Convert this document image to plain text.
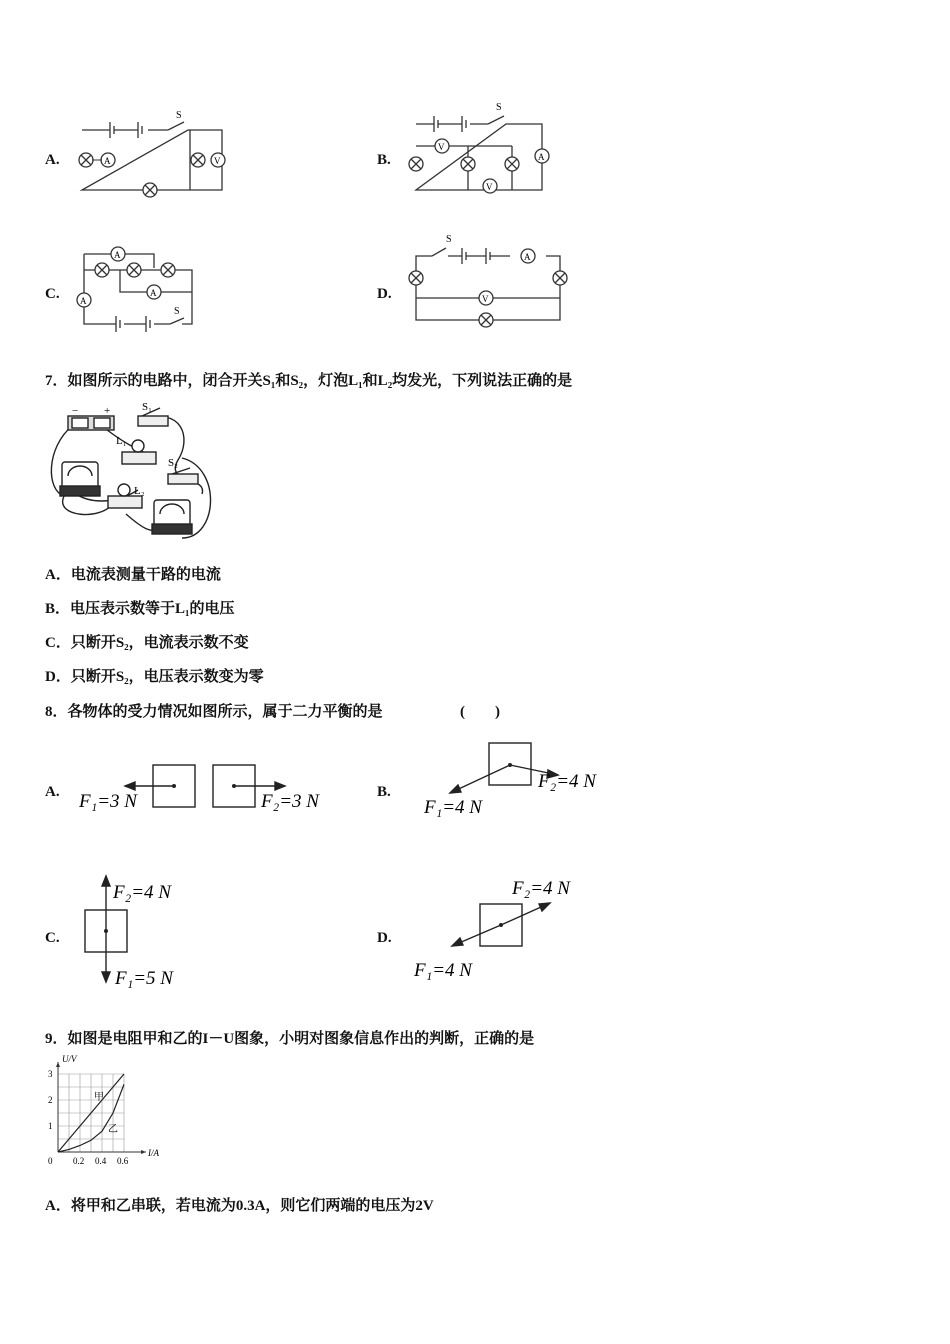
A.	A	V
S
B.
V
V
A
S
C.
A
A
A
S
D.
A
V
S
7．如图所示的电路中，闭合开关S₁和S₂，灯泡L₁和L₂均发光，下列说法正确的是
− +	S₁
L₁
S₂
L₂
A．电流表测量干路的电流
B．电压表示数等于L₁的电压
C．只断开S₂，电流表示数不变
D．只断开S₂，电压表示数变为零
8．各物体的受力情况如图所示，属于二力平衡的是	(　　)
A. F₁=3 N	F₂=3 N	B.	F₂=4 N
F₁=4 N
C.
F₂=4 N
F₁=5 N
D.
F₂=4 N
F₁=4 N
9．如图是电阻甲和乙的I－U图象，小明对图象信息作出的判断，正确的是
甲
乙
0.2 0.4 0.6
1
2
3
0
I/A
U/V
A．将甲和乙串联，若电流为0.3A，则它们两端的电压为2V
